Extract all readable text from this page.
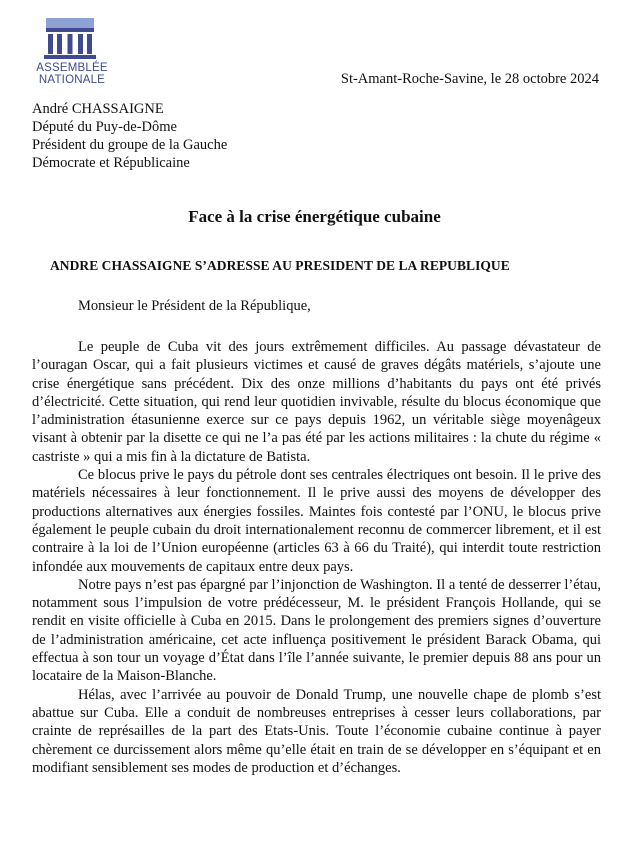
ASSEMBLÉE
NATIONALE	St-Amant-Roche-Savine, le 28 octobre 2024
André CHASSAIGNE
Député du Puy-de-Dôme
Président du groupe de la Gauche
Démocrate et Républicaine
Face à la crise énergétique cubaine
ANDRE CHASSAIGNE S’ADRESSE AU PRESIDENT DE LA REPUBLIQUE
Monsieur le Président de la République,

Le peuple de Cuba vit des jours extrêmement difficiles. Au passage dévastateur de l’ouragan Oscar, qui a fait plusieurs victimes et causé de graves dégâts matériels, s’ajoute une crise énergétique sans précédent. Dix des onze millions d’habitants du pays ont été privés d’électricité. Cette situation, qui rend leur quotidien invivable, résulte du blocus économique que l’administration étasunienne exerce sur ce pays depuis 1962, un véritable siège moyenâgeux visant à obtenir par la disette ce qui ne l’a pas été par les actions militaires : la chute du régime « castriste » qui a mis fin à la dictature de Batista.

Ce blocus prive le pays du pétrole dont ses centrales électriques ont besoin. Il le prive des matériels nécessaires à leur fonctionnement. Il le prive aussi des moyens de développer des productions alternatives aux énergies fossiles. Maintes fois contesté par l’ONU, le blocus prive également le peuple cubain du droit internationalement reconnu de commercer librement, et il est contraire à la loi de l’Union européenne (articles 63 à 66 du Traité), qui interdit toute restriction infondée aux mouvements de capitaux entre deux pays.

Notre pays n’est pas épargné par l’injonction de Washington. Il a tenté de desserrer l’étau, notamment sous l’impulsion de votre prédécesseur, M. le président François Hollande, qui se rendit en visite officielle à Cuba en 2015. Dans le prolongement des premiers signes d’ouverture de l’administration américaine, cet acte influença positivement le président Barack Obama, qui effectua à son tour un voyage d’État dans l’île l’année suivante, le premier depuis 88 ans pour un locataire de la Maison-Blanche.

Hélas, avec l’arrivée au pouvoir de Donald Trump, une nouvelle chape de plomb s’est abattue sur Cuba. Elle a conduit de nombreuses entreprises à cesser leurs collaborations, par crainte de représailles de la part des Etats-Unis. Toute l’économie cubaine continue à payer chèrement ce durcissement alors même qu’elle était en train de se développer en s’équipant et en modifiant sensiblement ses modes de production et d’échanges.
